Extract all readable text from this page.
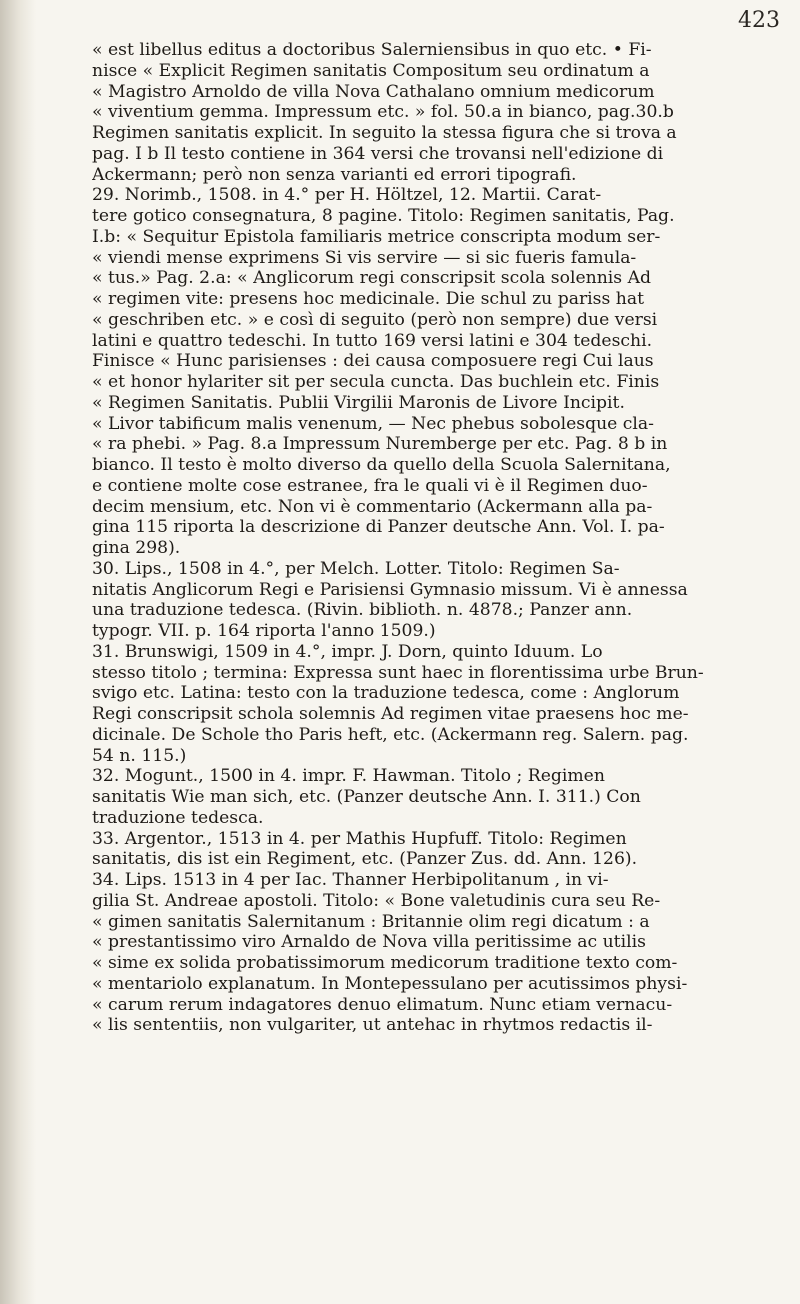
423
« est libellus editus a doctoribus Salerniensibus in quo etc. • Fi-
nisce « Explicit Regimen sanitatis Compositum seu ordinatum a
« Magistro Arnoldo de villa Nova Cathalano omnium medicorum
« viventium gemma. Impressum etc. » fol. 50.a in bianco, pag.30.b
Regimen sanitatis explicit. In seguito la stessa figura che si trova a
pag. I b Il testo contiene in 364 versi che trovansi nell'edizione di
Ackermann; però non senza varianti ed errori tipografi.
29. Norimb., 1508. in 4.° per H. Höltzel, 12. Martii. Carat-
tere gotico consegnatura, 8 pagine. Titolo: Regimen sanitatis, Pag.
I.b: « Sequitur Epistola familiaris metrice conscripta modum ser-
« viendi mense exprimens Si vis servire — si sic fueris famula-
« tus.» Pag. 2.a: « Anglicorum regi conscripsit scola solennis Ad
« regimen vite: presens hoc medicinale. Die schul zu pariss hat
« geschriben etc. » e così di seguito (però non sempre) due versi
latini e quattro tedeschi. In tutto 169 versi latini e 304 tedeschi.
Finisce « Hunc parisienses : dei causa composuere regi Cui laus
« et honor hylariter sit per secula cuncta. Das buchlein etc. Finis
« Regimen Sanitatis. Publii Virgilii Maronis de Livore Incipit.
« Livor tabificum malis venenum, — Nec phebus sobolesque cla-
« ra phebi. » Pag. 8.a Impressum Nuremberge per etc. Pag. 8 b in
bianco. Il testo è molto diverso da quello della Scuola Salernitana,
e contiene molte cose estranee, fra le quali vi è il Regimen duo-
decim mensium, etc. Non vi è commentario (Ackermann alla pa-
gina 115 riporta la descrizione di Panzer deutsche Ann. Vol. I. pa-
gina 298).
30. Lips., 1508 in 4.°, per Melch. Lotter. Titolo: Regimen Sa-
nitatis Anglicorum Regi e Parisiensi Gymnasio missum. Vi è annessa
una traduzione tedesca. (Rivin. biblioth. n. 4878.; Panzer ann.
typogr. VII. p. 164 riporta l'anno 1509.)
31. Brunswigi, 1509 in 4.°, impr. J. Dorn, quinto Iduum. Lo
stesso titolo ; termina: Expressa sunt haec in florentissima urbe Brun-
svigo etc. Latina: testo con la traduzione tedesca, come : Anglorum
Regi conscripsit schola solemnis Ad regimen vitae praesens hoc me-
dicinale. De Schole tho Paris heft, etc. (Ackermann reg. Salern. pag.
54 n. 115.)
32. Mogunt., 1500 in 4. impr. F. Hawman. Titolo ; Regimen
sanitatis Wie man sich, etc. (Panzer deutsche Ann. I. 311.) Con
traduzione tedesca.
33. Argentor., 1513 in 4. per Mathis Hupfuff. Titolo: Regimen
sanitatis, dis ist ein Regiment, etc. (Panzer Zus. dd. Ann. 126).
34. Lips. 1513 in 4 per Iac. Thanner Herbipolitanum , in vi-
gilia St. Andreae apostoli. Titolo: « Bone valetudinis cura seu Re-
« gimen sanitatis Salernitanum : Britannie olim regi dicatum : a
« prestantissimo viro Arnaldo de Nova villa peritissime ac utilis
« sime ex solida probatissimorum medicorum traditione texto com-
« mentariolo explanatum. In Montepessulano per acutissimos physi-
« carum rerum indagatores denuo elimatum. Nunc etiam vernacu-
« lis sententiis, non vulgariter, ut antehac in rhytmos redactis il-
